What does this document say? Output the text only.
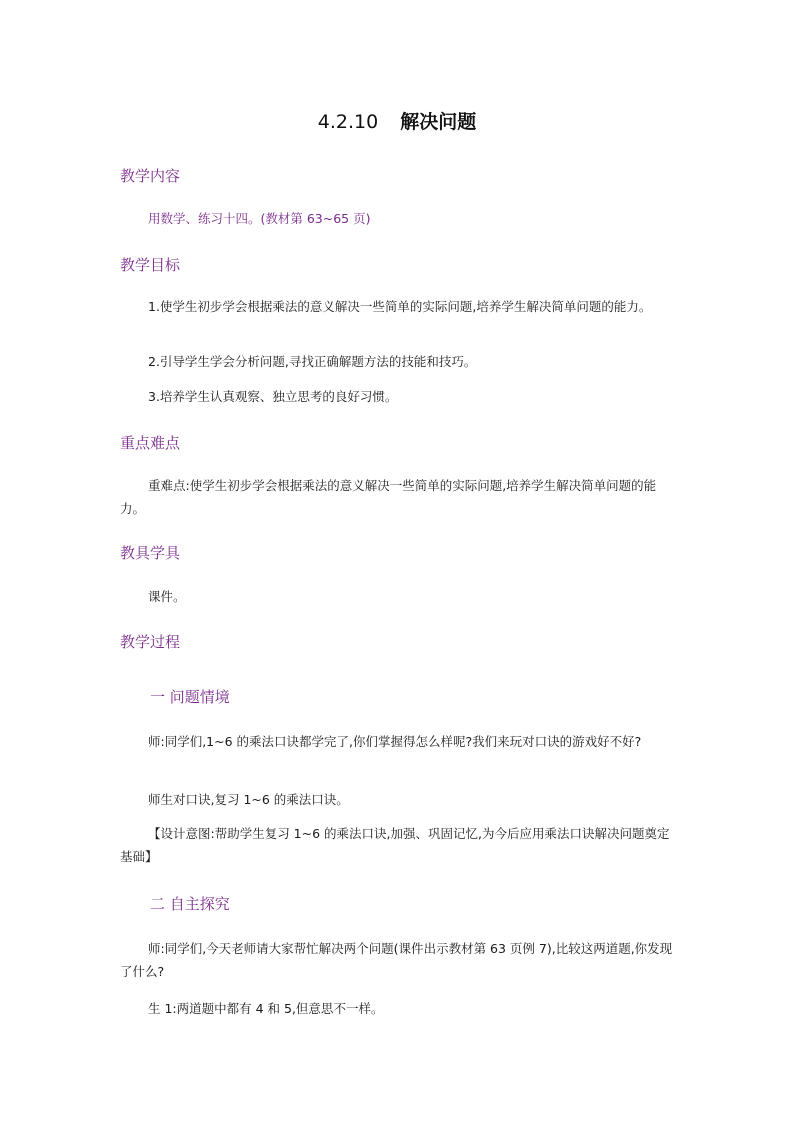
4.2.10 解决问题
教学内容

用数学、练习十四。(教材第 63~65 页)

教学目标

1.使学生初步学会根据乘法的意义解决一些简单的实际问题,培养学生解决简单问题的能力。

2.引导学生学会分析问题,寻找正确解题方法的技能和技巧。

3.培养学生认真观察、独立思考的良好习惯。

重点难点

重难点:使学生初步学会根据乘法的意义解决一些简单的实际问题,培养学生解决简单问题的能力。

教具学具

课件。

教学过程
一 问题情境

师:同学们,1~6 的乘法口诀都学完了,你们掌握得怎么样呢?我们来玩对口诀的游戏好不好?

师生对口诀,复习 1~6 的乘法口诀。

【设计意图:帮助学生复习 1~6 的乘法口诀,加强、巩固记忆,为今后应用乘法口诀解决问题奠定基础】

二 自主探究

师:同学们,今天老师请大家帮忙解决两个问题(课件出示教材第 63 页例 7),比较这两道题,你发现了什么?

生 1:两道题中都有 4 和 5,但意思不一样。
